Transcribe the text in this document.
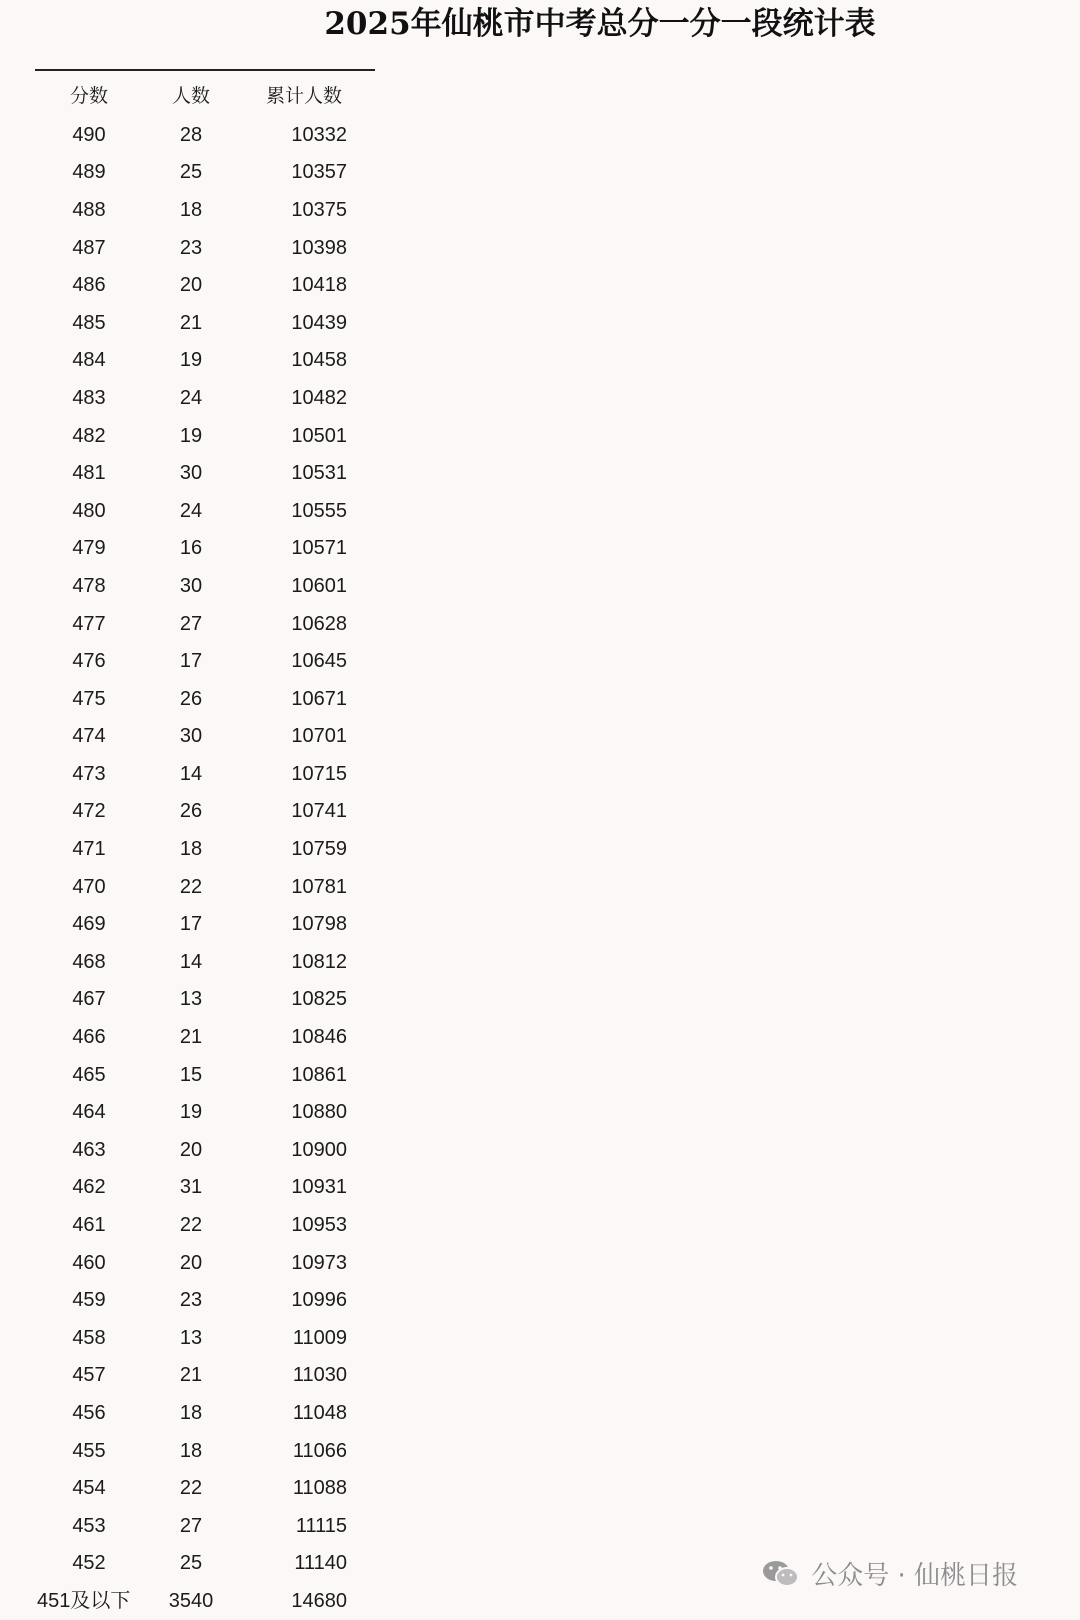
2025年仙桃市中考总分一分一段统计表
分数	人数	累计人数
490	28	10332
489	25	10357
488	18	10375
487	23	10398
486	20	10418
485	21	10439
484	19	10458
483	24	10482
482	19	10501
481	30	10531
480	24	10555
479	16	10571
478	30	10601
477	27	10628
476	17	10645
475	26	10671
474	30	10701
473	14	10715
472	26	10741
471	18	10759
470	22	10781
469	17	10798
468	14	10812
467	13	10825
466	21	10846
465	15	10861
464	19	10880
463	20	10900
462	31	10931
461	22	10953
460	20	10973
459	23	10996
458	13	11009
457	21	11030
456	18	11048
455	18	11066
454	22	11088
453	27	11115
452	25	11140
451及以下	3540	14680
公众号 · 仙桃日报
